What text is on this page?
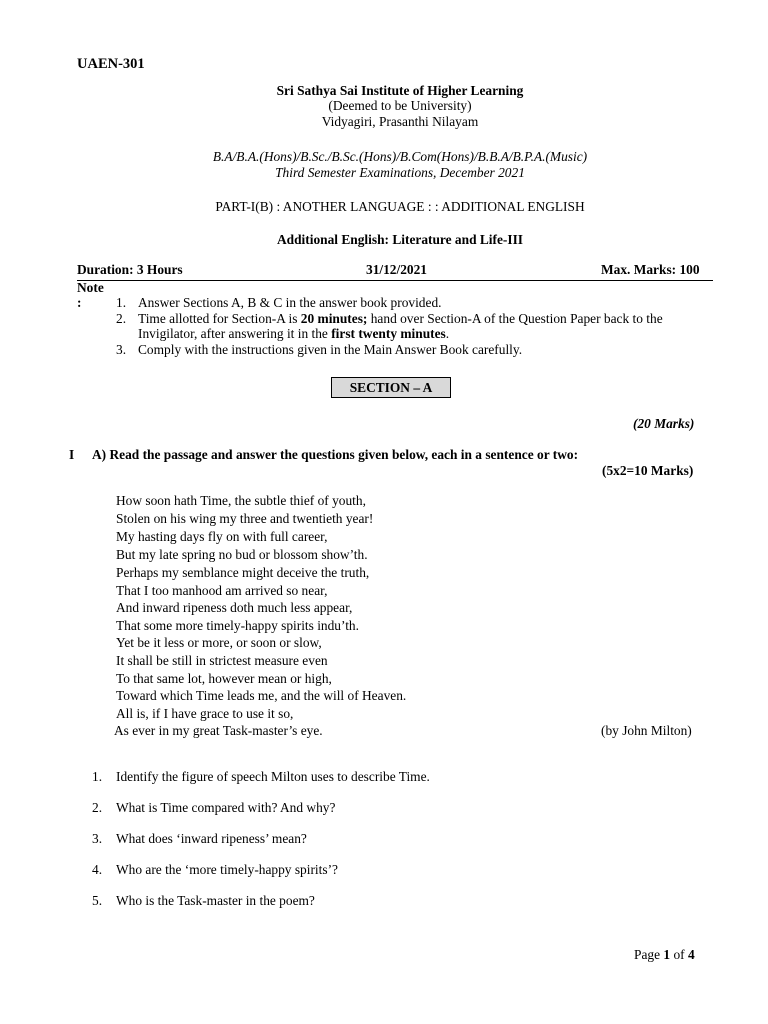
UAEN-301
Sri Sathya Sai Institute of Higher Learning
(Deemed to be University)
Vidyagiri, Prasanthi Nilayam
B.A/B.A.(Hons)/B.Sc./B.Sc.(Hons)/B.Com(Hons)/B.B.A/B.P.A.(Music)
Third Semester Examinations, December 2021
PART-I(B) : ANOTHER LANGUAGE : : ADDITIONAL ENGLISH
Additional English: Literature and Life-III
Duration: 3 Hours	31/12/2021	Max. Marks: 100
Note
:	1. Answer Sections A, B & C in the answer book provided.
2. Time allotted for Section-A is 20 minutes; hand over Section-A of the Question Paper back to the
Invigilator, after answering it in the first twenty minutes.
3. Comply with the instructions given in the Main Answer Book carefully.
SECTION – A
(20 Marks)
I A) Read the passage and answer the questions given below, each in a sentence or two:
(5x2=10 Marks)
How soon hath Time, the subtle thief of youth,
Stolen on his wing my three and twentieth year!
My hasting days fly on with full career,
But my late spring no bud or blossom show’th.
Perhaps my semblance might deceive the truth,
That I too manhood am arrived so near,
And inward ripeness doth much less appear,
That some more timely-happy spirits indu’th.
Yet be it less or more, or soon or slow,
It shall be still in strictest measure even
To that same lot, however mean or high,
Toward which Time leads me, and the will of Heaven.
All is, if I have grace to use it so,
As ever in my great Task-master’s eye.	(by John Milton)
1. Identify the figure of speech Milton uses to describe Time.
2. What is Time compared with? And why?
3. What does ‘inward ripeness’ mean?
4. Who are the ‘more timely-happy spirits’?
5. Who is the Task-master in the poem?
Page 1 of 4
